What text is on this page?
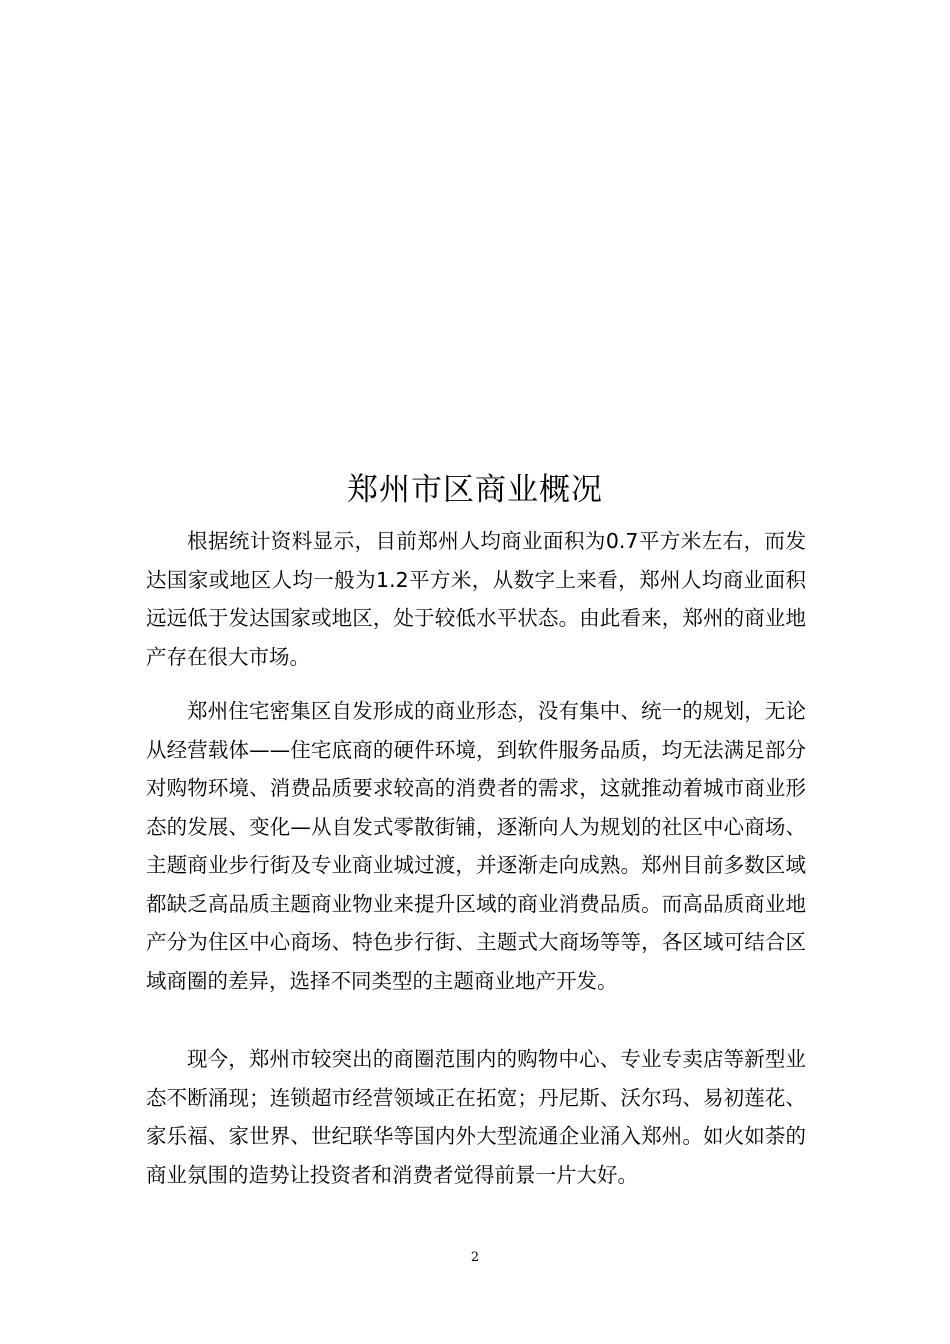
郑州市区商业概况

根据统计资料显示，目前郑州人均商业面积为0.7平方米左右，而发达国家或地区人均一般为1.2平方米，从数字上来看，郑州人均商业面积远远低于发达国家或地区，处于较低水平状态。由此看来，郑州的商业地产存在很大市场。

郑州住宅密集区自发形成的商业形态，没有集中、统一的规划，无论从经营载体——住宅底商的硬件环境，到软件服务品质，均无法满足部分对购物环境、消费品质要求较高的消费者的需求，这就推动着城市商业形态的发展、变化—从自发式零散街铺，逐渐向人为规划的社区中心商场、主题商业步行街及专业商业城过渡，并逐渐走向成熟。郑州目前多数区域都缺乏高品质主题商业物业来提升区域的商业消费品质。而高品质商业地产分为住区中心商场、特色步行街、主题式大商场等等，各区域可结合区域商圈的差异，选择不同类型的主题商业地产开发。

现今，郑州市较突出的商圈范围内的购物中心、专业专卖店等新型业态不断涌现；连锁超市经营领域正在拓宽；丹尼斯、沃尔玛、易初莲花、家乐福、家世界、世纪联华等国内外大型流通企业涌入郑州。如火如荼的商业氛围的造势让投资者和消费者觉得前景一片大好。

2
